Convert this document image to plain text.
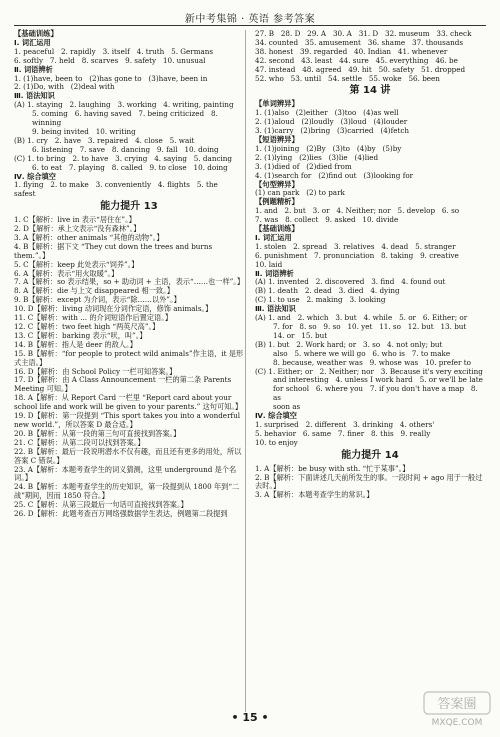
新中考集锦 · 英语 参考答案
【基础训练】
Ⅰ. 词汇运用
1. peaceful   2. rapidly   3. itself   4. truth   5. Germans
6. softly   7. held   8. scarves   9. safety   10. unusual
Ⅱ. 词语辨析
1. (1)have, been to   (2)has gone to   (3)have, been in
2. (1)Do, with   (2)deal with
Ⅲ. 语法知识
(A) 1. staying   2. laughing   3. working   4. writing, painting
5. coming   6. having saved   7. being criticized   8. winning
9. being invited   10. writing
(B) 1. cry   2. have   3. repaired   4. close   5. wait
6. listening   7. save   8. dancing   9. fall   10. doing
(C) 1. to bring   2. to have   3. crying   4. saying   5. dancing
6. to eat   7. playing   8. called   9. to close   10. doing
Ⅳ. 综合填空
1. flying   2. to make   3. conveniently   4. flights   5. the
safest
能力提升 13
1. C【解析：live in 表示“居住在”。】
2. D【解析：承上文表示“没有森林”。】
3. A【解析：other animals “其他的动物”。】
4. B【解析：据下文 “They cut down the trees and burns them.”。】
5. C【解析：keep 此处表示“饲养”。】
6. A【解析：表示“用火取暖”。】
7. A【解析：so 表示结果，so + 助动词 + 主语，表示“……也一样”。】
8. A【解析：die 与上文 disappeared 相一致。】
9. B【解析：except 为介词，表示“除……以外”。】
10. D【解析：living 动词现在分词作定语，修饰 animals。】
11. C【解析：with ... 的介词短语作后置定语。】
12. C【解析：two feet high “两英尺高”。】
13. C【解析：barking 表示“吠，叫”。】
14. B【解析：指人是 deer 的敌人。】
15. B【解析：“for people to protect wild animals”作主语，it 是形式主语。】
16. D【解析：由 School Policy 一栏可知答案。】
17. D【解析：由 A Class Announcement 一栏的第二条 Parents Meeting 可知。】
18. A【解析：从 Report Card 一栏里 “Report card about your school life and work will be given to your parents.” 这句可知。】
19. D【解析：第一段提到 “This sport takes you into a wonderful new world.”，所以答案 D 最合适。】
20. B【解析：从第一段的第三句可直接找到答案。】
21. C【解析：从第二段可以找到答案。】
22. B【解析：最后一段说明潜水不仅有趣，而且还有更多的用处，所以答案 C 错误。】
23. A【解析：本题考查学生的词义猜测，这里 underground 是个名词。】
24. B【解析：本题考查学生的历史知识，第一段提到从 1800 年到“二战”期间，因而 1850 符合。】
25. C【解析：从第三段最后一句话可直接找到答案。】
26. D【解析：此题考查百万网络强数据学生表达，例题第二段提到
27. B   28. D   29. A   30. A   31. D   32. museum   33. check
34. counted   35. amusement   36. shame   37. thousands
38. honest   39. regarded   40. Indian   41. whenever
42. second   43. least   44. sure   45. everything   46. be
47. instead   48. agreed   49. hit   50. safety   51. dropped
52. who   53. until   54. settle   55. woke   56. been
第 14 讲
【单词辨异】
1. (1)also   (2)either   (3)too   (4)as well
2. (1)aloud   (2)loudly   (3)loud   (4)louder
3. (1)carry   (2)bring   (3)carried   (4)fetch
【短语辨异】
1. (1)joining   (2)By   (3)to   (4)by   (5)by
2. (1)lying   (2)lies   (3)lie   (4)lied
3. (1)died of   (2)died from
4. (1)search for   (2)find out   (3)looking for
【句型辨异】
(1) can park   (2) to park
【例题精析】
1. and   2. but   3. or   4. Neither; nor   5. develop   6. so
7. was   8. collect   9. asked   10. divide
【基础训练】
Ⅰ. 词汇运用
1. stolen   2. spread   3. relatives   4. dead   5. stranger
6. punishment   7. pronunciation   8. taking   9. creative
10. laid
Ⅱ. 词语辨析
(A) 1. invented   2. discovered   3. find   4. found out
(B) 1. death   2. dead   3. died   4. dying
(C) 1. to use   2. making   3. looking
Ⅲ. 语法知识
(A) 1. and   2. which   3. but   4. while   5. or   6. Either; or
7. for   8. so   9. so   10. yet   11. so   12. but   13. but
14. or   15. but
(B) 1. but   2. Work hard; or   3. so   4. not only; but
also   5. where we will go   6. who is   7. to make
8. because, weather was   9. whose was   10. prefer to
(C) 1. Either; or   2. Neither; nor   3. Because it's very exciting
and interesting   4. unless I work hard   5. or we'll be late
for school   6. where you   7. if you don't have a map   8. as
soon as
Ⅳ. 综合填空
1. surprised   2. different   3. drinking   4. others'
5. behavior   6. same   7. finer   8. this   9. really
10. to enjoy
能力提升 14
1. A【解析：be busy with sth. “忙于某事”。】
2. B【解析：下面讲述几天前所发生的事。一段时间 + ago 用于一般过去时。】
3. A【解析：本题考查学生的常识。】
• 15 •
答案圈
MXQE.COM
